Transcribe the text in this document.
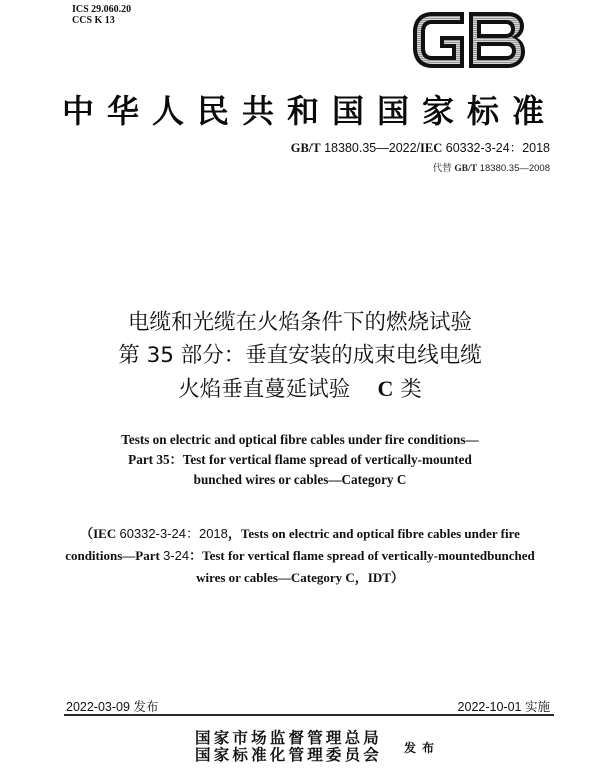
ICS 29.060.20
CCS K 13
中华人民共和国国家标准
GB/T 18380.35—2022/IEC 60332-3-24：2018
代替 GB/T 18380.35—2008
电缆和光缆在火焰条件下的燃烧试验
第 35 部分：垂直安装的成束电线电缆
火焰垂直蔓延试验 C 类
Tests on electric and optical fibre cables under fire conditions—
Part 35：Test for vertical flame spread of vertically-mounted
bunched wires or cables—Category C
（IEC 60332-3-24：2018，Tests on electric and optical fibre cables under fire
conditions—Part 3-24：Test for vertical flame spread of vertically-mountedbunched
wires or cables—Category C，IDT）
2022-03-09 发布	2022-10-01 实施
国家市场监督管理总局
国家标准化管理委员会 发布
